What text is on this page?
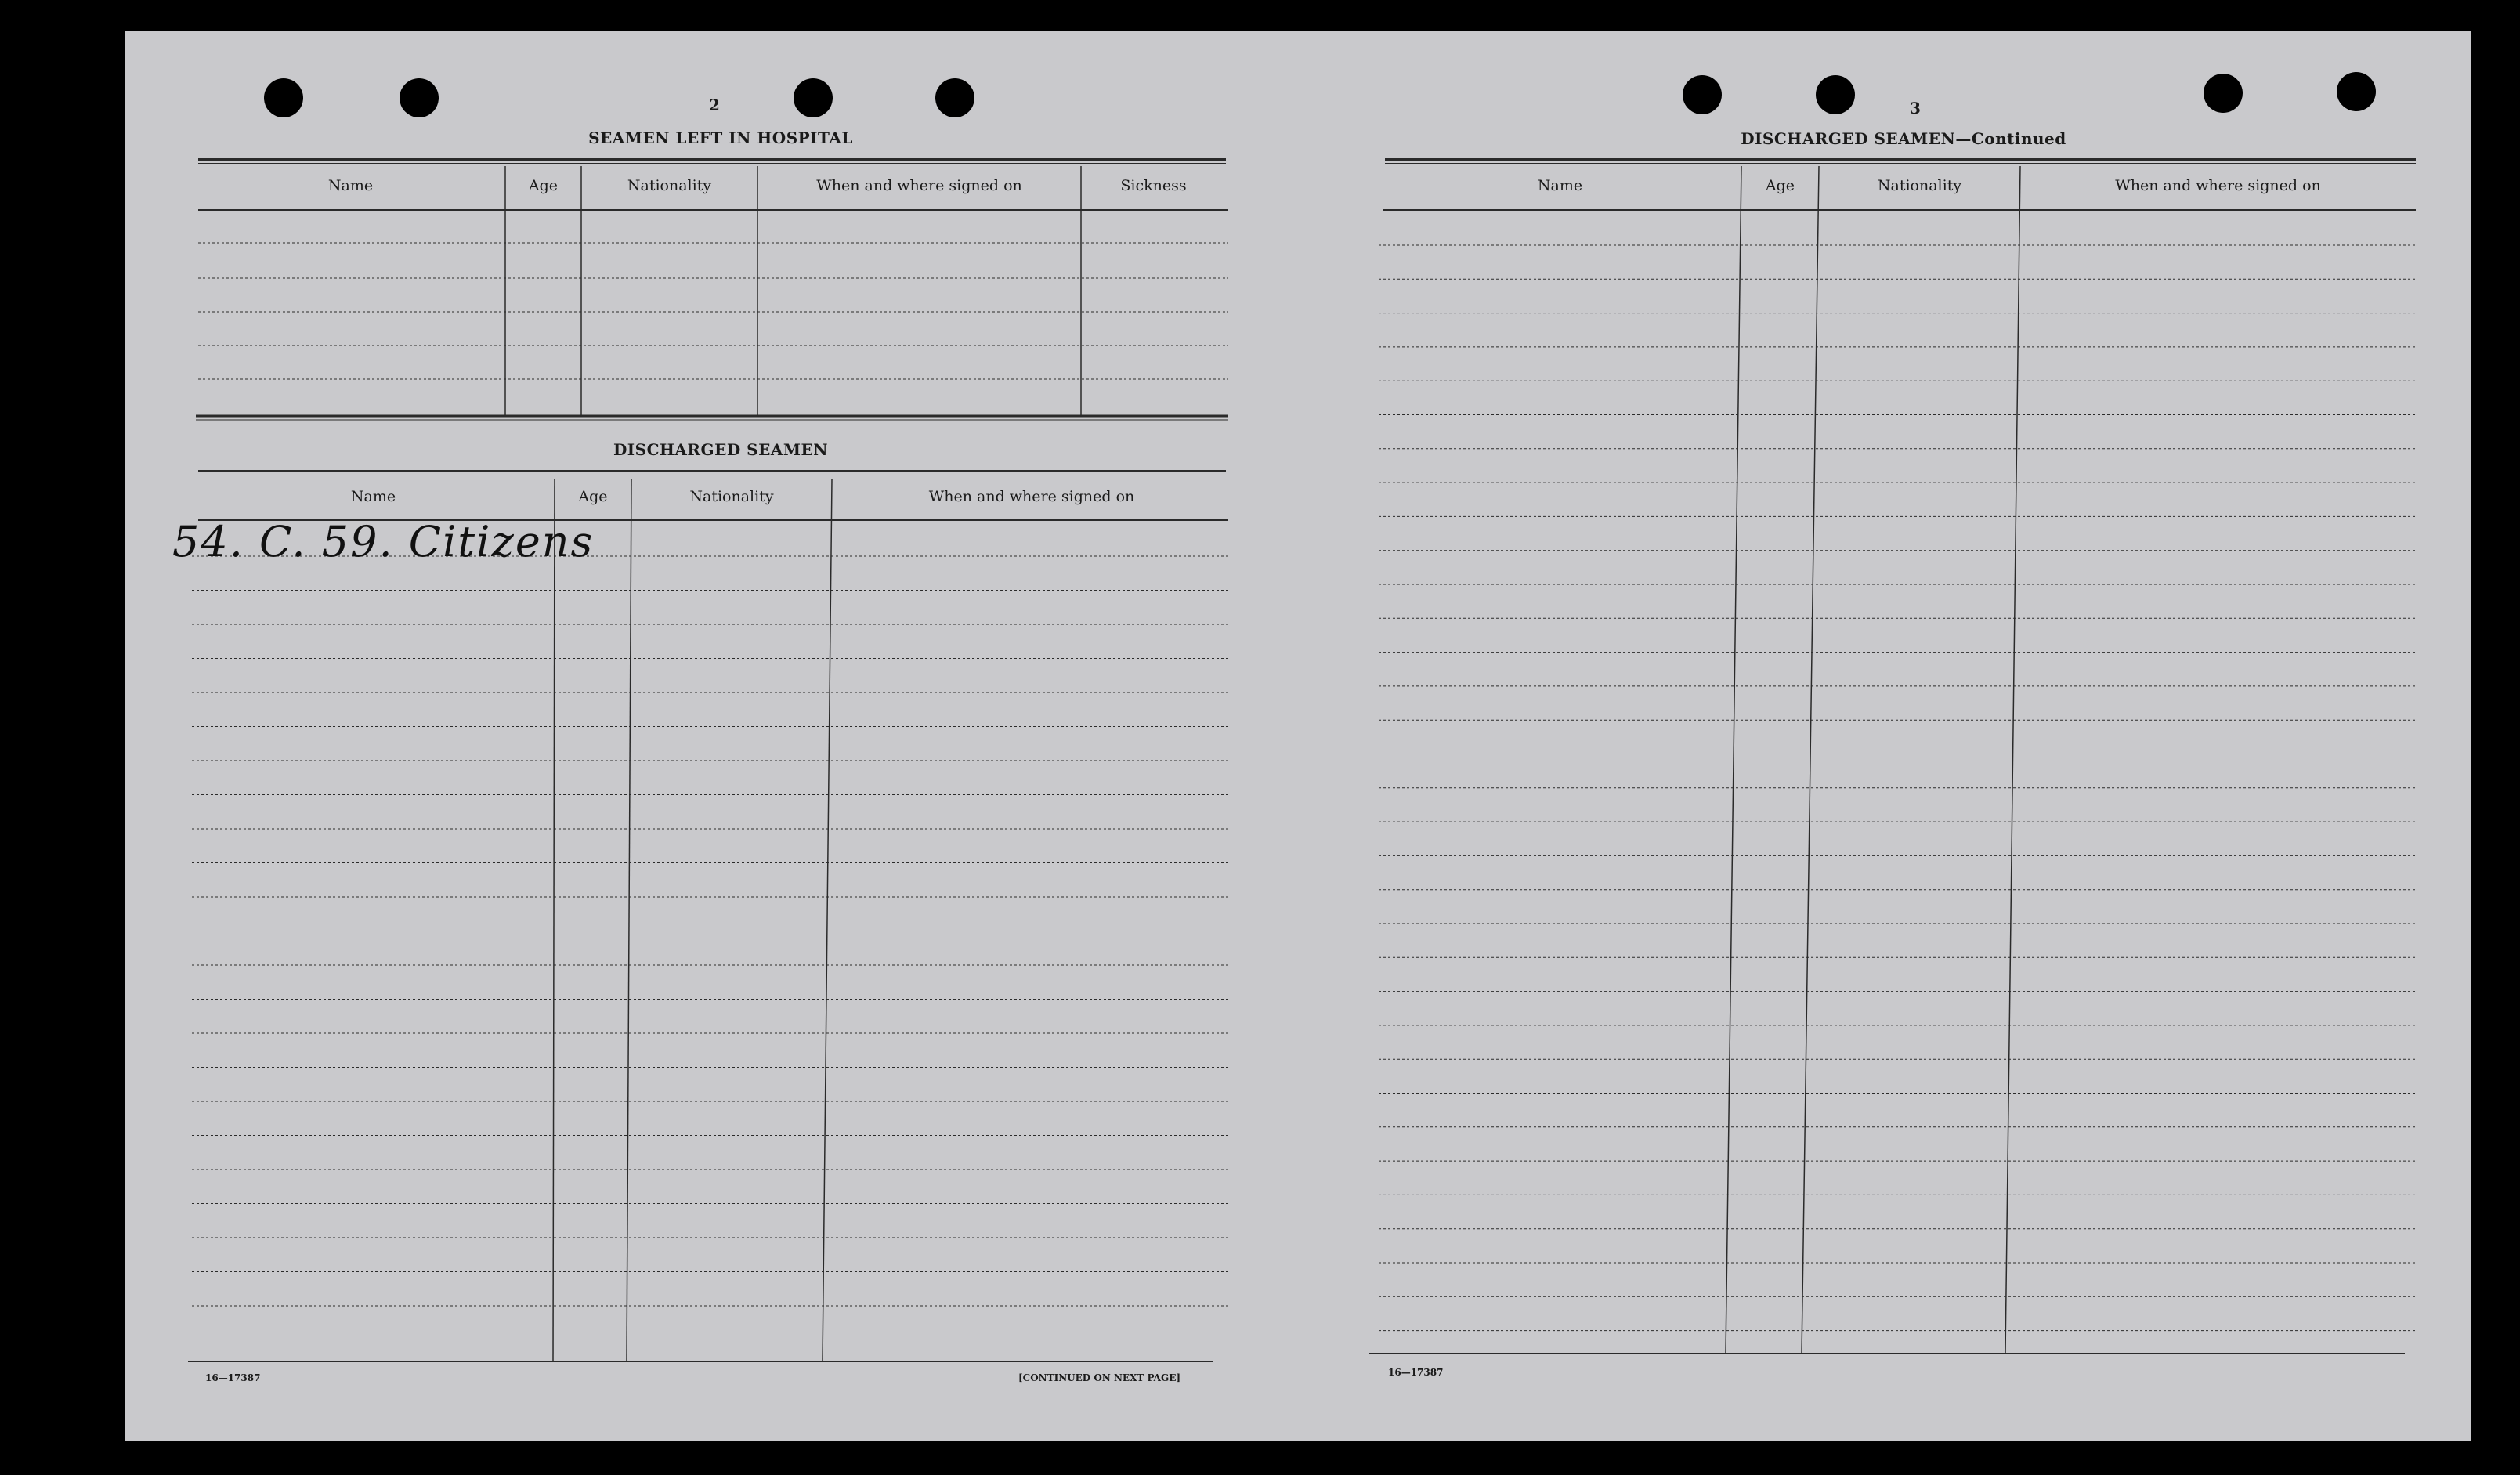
2
SEAMEN LEFT IN HOSPITAL
Name	Age	Nationality	When and where signed on	Sickness
DISCHARGED SEAMEN
Name	Age	Nationality	When and where signed on
54. C. 59. Citizens
16—17387	[CONTINUED ON NEXT PAGE]
3
DISCHARGED SEAMEN—Continued
Name	Age	Nationality	When and where signed on
16—17387
